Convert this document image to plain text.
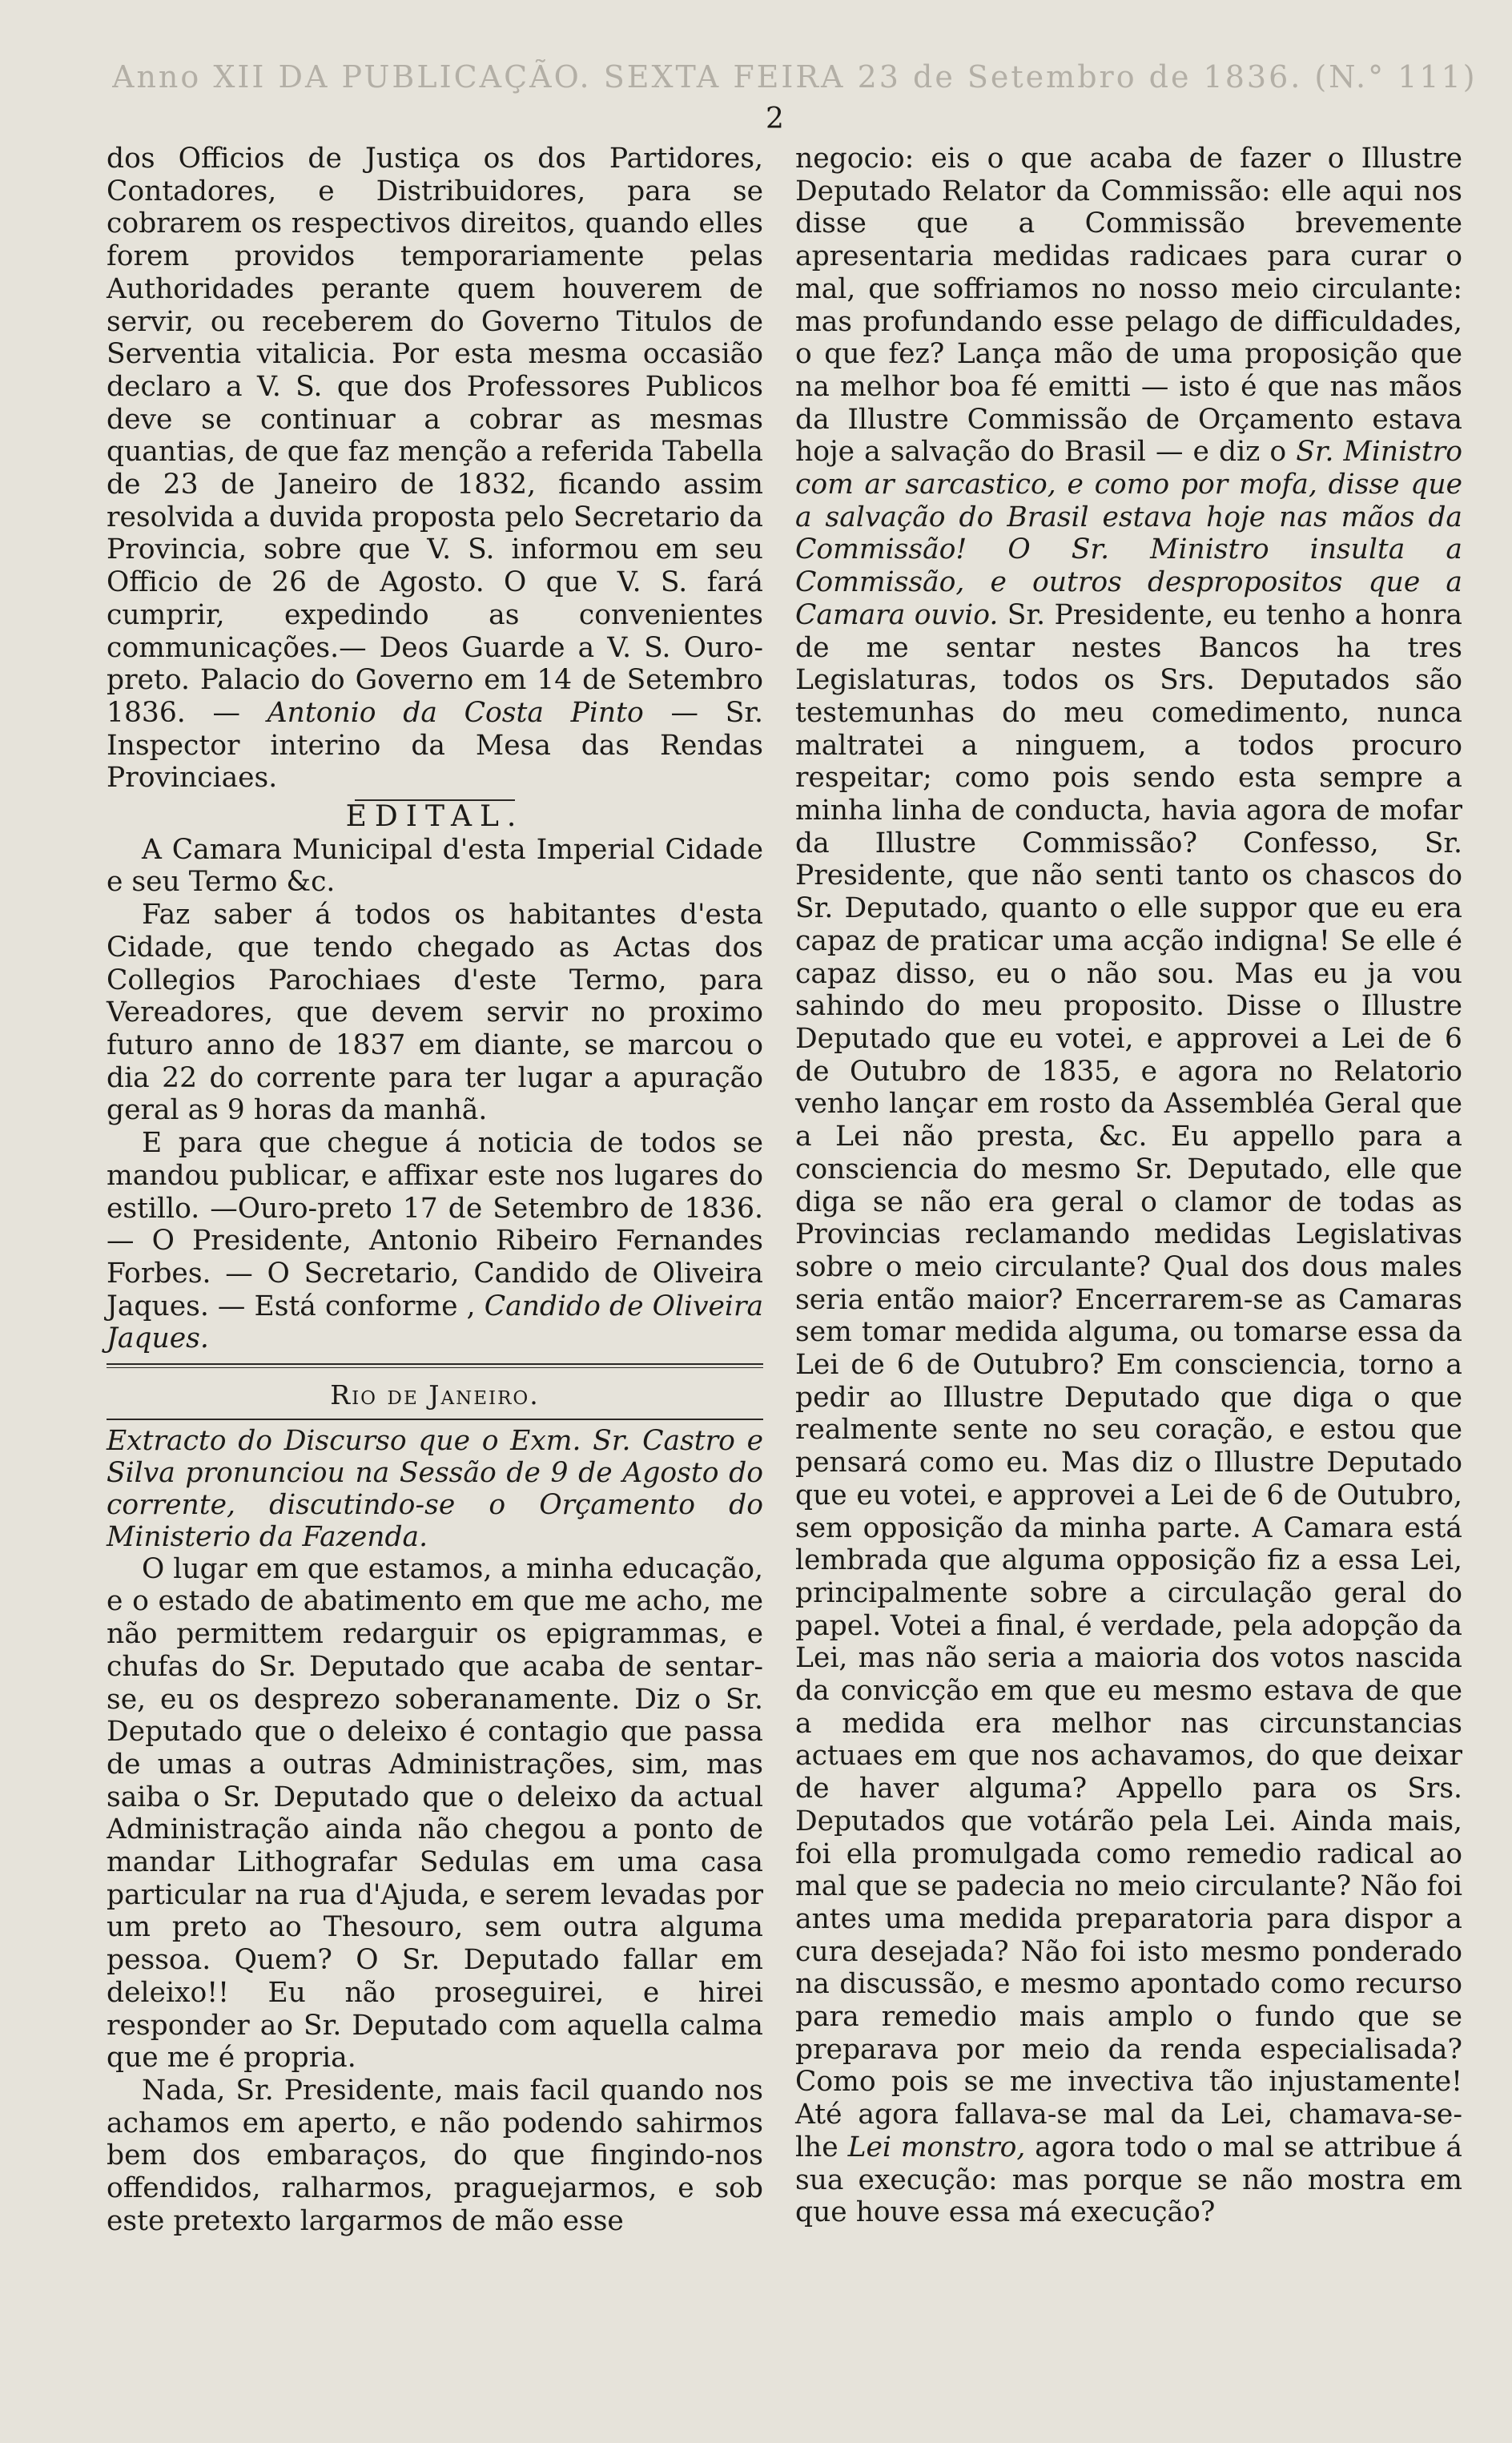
Anno XII DA PUBLICAÇÃO. SEXTA FEIRA 23 de Setembro de 1836. (N.° 111)
2

dos Officios de Justiça os dos Partidores, Contadores, e Distribuidores, para se cobrarem os respectivos direitos, quando elles forem providos temporariamente pelas Authoridades perante quem houverem de servir, ou receberem do Governo Titulos de Serventia vitalicia. Por esta mesma occasião declaro a V. S. que dos Professores Publicos deve se continuar a cobrar as mesmas quantias, de que faz menção a referida Tabella de 23 de Janeiro de 1832, ficando assim resolvida a duvida proposta pelo Secretario da Provincia, sobre que V. S. informou em seu Officio de 26 de Agosto. O que V. S. fará cumprir, expedindo as convenientes communicações.— Deos Guarde a V. S. Ouro-preto. Palacio do Governo em 14 de Setembro 1836. — Antonio da Costa Pinto — Sr. Inspector interino da Mesa das Rendas Provinciaes.

EDITAL.

A Camara Municipal d'esta Imperial Cidade e seu Termo &c.

Faz saber á todos os habitantes d'esta Cidade, que tendo chegado as Actas dos Collegios Parochiaes d'este Termo, para Vereadores, que devem servir no proximo futuro anno de 1837 em diante, se marcou o dia 22 do corrente para ter lugar a apuração geral as 9 horas da manhã.

E para que chegue á noticia de todos se mandou publicar, e affixar este nos lugares do estillo. —Ouro-preto 17 de Setembro de 1836. — O Presidente, Antonio Ribeiro Fernandes Forbes. — O Secretario, Candido de Oliveira Jaques. — Está conforme , Candido de Oliveira Jaques.

Rio de Janeiro.

Extracto do Discurso que o Exm. Sr. Castro e Silva pronunciou na Sessão de 9 de Agosto do corrente, discutindo-se o Orçamento do Ministerio da Fazenda.

O lugar em que estamos, a minha educação, e o estado de abatimento em que me acho, me não permittem redarguir os epigrammas, e chufas do Sr. Deputado que acaba de sentar-se, eu os desprezo soberanamente. Diz o Sr. Deputado que o deleixo é contagio que passa de umas a outras Administrações, sim, mas saiba o Sr. Deputado que o deleixo da actual Administração ainda não chegou a ponto de mandar Lithografar Sedulas em uma casa particular na rua d'Ajuda, e serem levadas por um preto ao Thesouro, sem outra alguma pessoa. Quem? O Sr. Deputado fallar em deleixo!! Eu não proseguirei, e hirei responder ao Sr. Deputado com aquella calma que me é propria.

Nada, Sr. Presidente, mais facil quando nos achamos em aperto, e não podendo sahirmos bem dos embaraços, do que fingindo-nos offendidos, ralharmos, praguejarmos, e sob este pretexto largarmos de mão esse

negocio: eis o que acaba de fazer o Illustre Deputado Relator da Commissão: elle aqui nos disse que a Commissão brevemente apresentaria medidas radicaes para curar o mal, que soffriamos no nosso meio circulante: mas profundando esse pelago de difficuldades, o que fez? Lança mão de uma proposição que na melhor boa fé emitti — isto é que nas mãos da Illustre Commissão de Orçamento estava hoje a salvação do Brasil — e diz o Sr. Ministro com ar sarcastico, e como por mofa, disse que a salvação do Brasil estava hoje nas mãos da Commissão! O Sr. Ministro insulta a Commissão, e outros despropositos que a Camara ouvio. Sr. Presidente, eu tenho a honra de me sentar nestes Bancos ha tres Legislaturas, todos os Srs. Deputados são testemunhas do meu comedimento, nunca maltratei a ninguem, a todos procuro respeitar; como pois sendo esta sempre a minha linha de conducta, havia agora de mofar da Illustre Commissão? Confesso, Sr. Presidente, que não senti tanto os chascos do Sr. Deputado, quanto o elle suppor que eu era capaz de praticar uma acção indigna! Se elle é capaz disso, eu o não sou. Mas eu ja vou sahindo do meu proposito. Disse o Illustre Deputado que eu votei, e approvei a Lei de 6 de Outubro de 1835, e agora no Relatorio venho lançar em rosto da Assembléa Geral que a Lei não presta, &c. Eu appello para a consciencia do mesmo Sr. Deputado, elle que diga se não era geral o clamor de todas as Provincias reclamando medidas Legislativas sobre o meio circulante? Qual dos dous males seria então maior? Encerrarem-se as Camaras sem tomar medida alguma, ou tomarse essa da Lei de 6 de Outubro? Em consciencia, torno a pedir ao Illustre Deputado que diga o que realmente sente no seu coração, e estou que pensará como eu. Mas diz o Illustre Deputado que eu votei, e approvei a Lei de 6 de Outubro, sem opposição da minha parte. A Camara está lembrada que alguma opposição fiz a essa Lei, principalmente sobre a circulação geral do papel. Votei a final, é verdade, pela adopção da Lei, mas não seria a maioria dos votos nascida da convicção em que eu mesmo estava de que a medida era melhor nas circunstancias actuaes em que nos achavamos, do que deixar de haver alguma? Appello para os Srs. Deputados que votárão pela Lei. Ainda mais, foi ella promulgada como remedio radical ao mal que se padecia no meio circulante? Não foi antes uma medida preparatoria para dispor a cura desejada? Não foi isto mesmo ponderado na discussão, e mesmo apontado como recurso para remedio mais amplo o fundo que se preparava por meio da renda especialisada? Como pois se me invectiva tão injustamente! Até agora fallava-se mal da Lei, chamava-se-lhe Lei monstro, agora todo o mal se attribue á sua execução: mas porque se não mostra em que houve essa má execução?
